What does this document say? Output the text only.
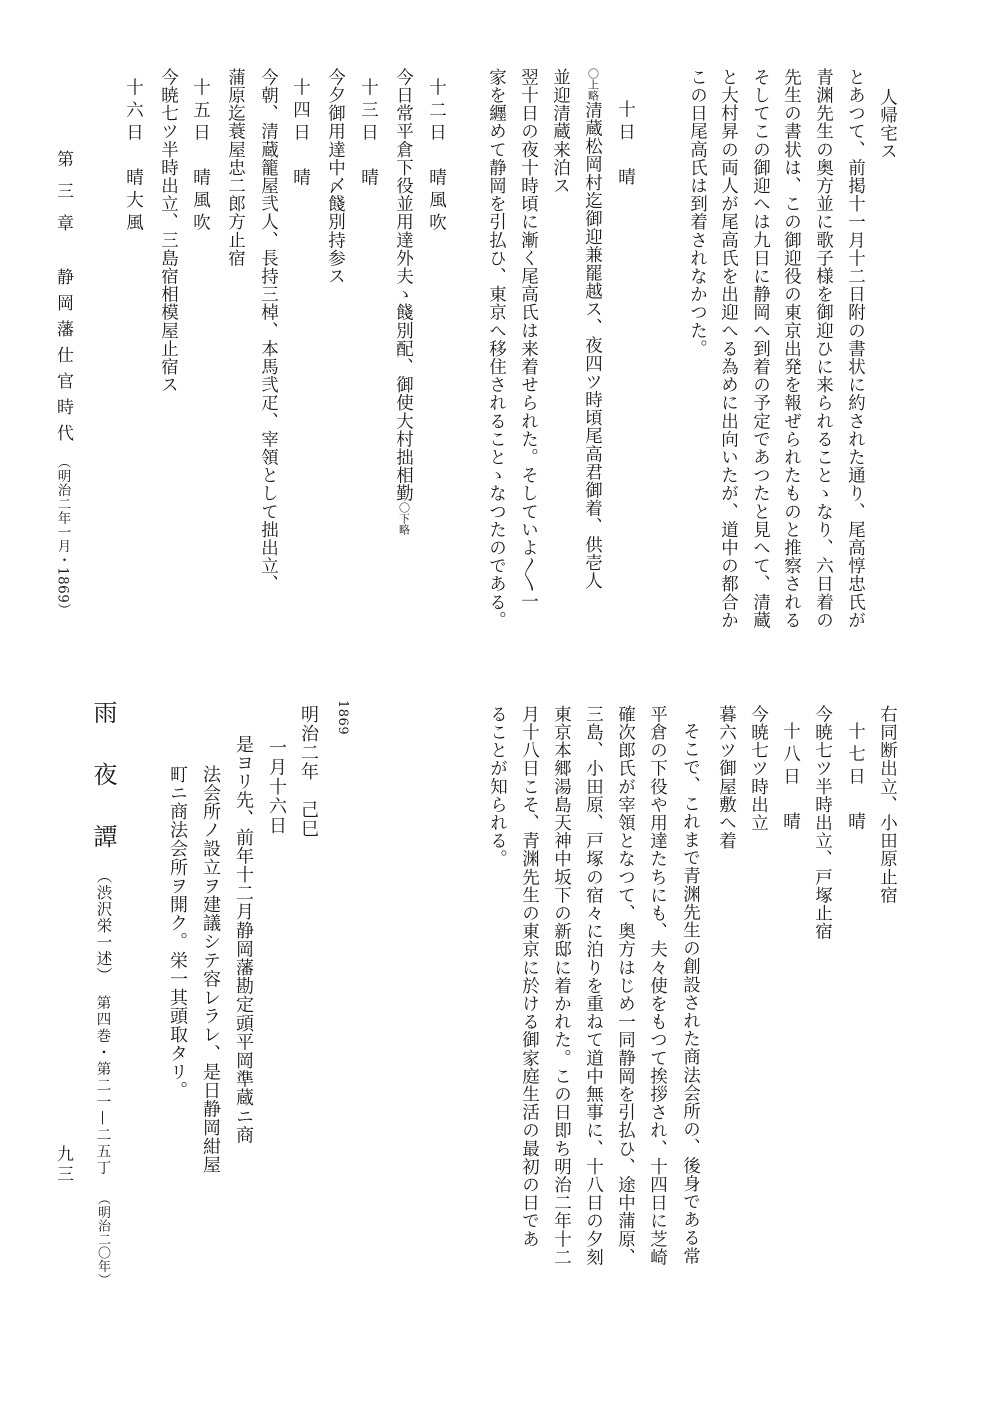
人帰宅ス
とあつて、前掲十一月十二日附の書状に約された通り、尾高惇忠氏が
青渊先生の奥方並に歌子様を御迎ひに来られることゝなり、六日着の
先生の書状は、この御迎役の東京出発を報ぜられたものと推察される
そしてこの御迎へは九日に静岡へ到着の予定であつたと見へて、清蔵
と大村昇の両人が尾高氏を出迎へる為めに出向いたが、道中の都合か
この日尾高氏は到着されなかつた。
十日　晴
〇上略清蔵松岡村迄御迎兼罷越ス、夜四ツ時頃尾高君御着、供壱人
並迎清蔵来泊ス
翌十日の夜十時頃に漸く尾高氏は来着せられた。そしていよ〳〵一
家を纒めて静岡を引払ひ、東京へ移住されることゝなつたのである。
十二日　晴風吹
今日常平倉下役並用達外夫ゝ餞別配、御使大村拙相勤〇下略
十三日　晴
今夕御用達中〆餞別持参ス
十四日　晴
今朝、清蔵籠屋弐人、長持三棹、本馬弐疋、宰領として拙出立、
蒲原迄蓑屋忠二郎方止宿
十五日　晴風吹
今暁七ツ半時出立、三島宿相模屋止宿ス
十六日　晴大風
第三章
静岡藩仕官時代
（明治二年一月・1869）
右同断出立、小田原止宿
十七日　晴
今暁七ツ半時出立、戸塚止宿
十八日　晴
今暁七ツ時出立
暮六ツ御屋敷へ着
そこで、これまで青渊先生の創設された商法会所の、後身である常
平倉の下役や用達たちにも、夫々使をもつて挨拶され、十四日に芝崎
確次郎氏が宰領となつて、奥方はじめ一同静岡を引払ひ、途中蒲原、
三島、小田原、戸塚の宿々に泊りを重ねて道中無事に、十八日の夕刻
東京本郷湯島天神中坂下の新邸に着かれた。この日即ち明治二年十二
月十八日こそ、青渊先生の東京に於ける御家庭生活の最初の日であ
ることが知られる。
1869
明治二年　己巳
一月十六日
是ヨリ先、前年十二月静岡藩勘定頭平岡準蔵ニ商
法会所ノ設立ヲ建議シテ容レラレ、是日静岡紺屋
町ニ商法会所ヲ開ク。栄一其頭取タリ。
雨夜譚
（渋沢栄一述）
第四巻・第二一—二五丁
（明治二〇年）
九三
